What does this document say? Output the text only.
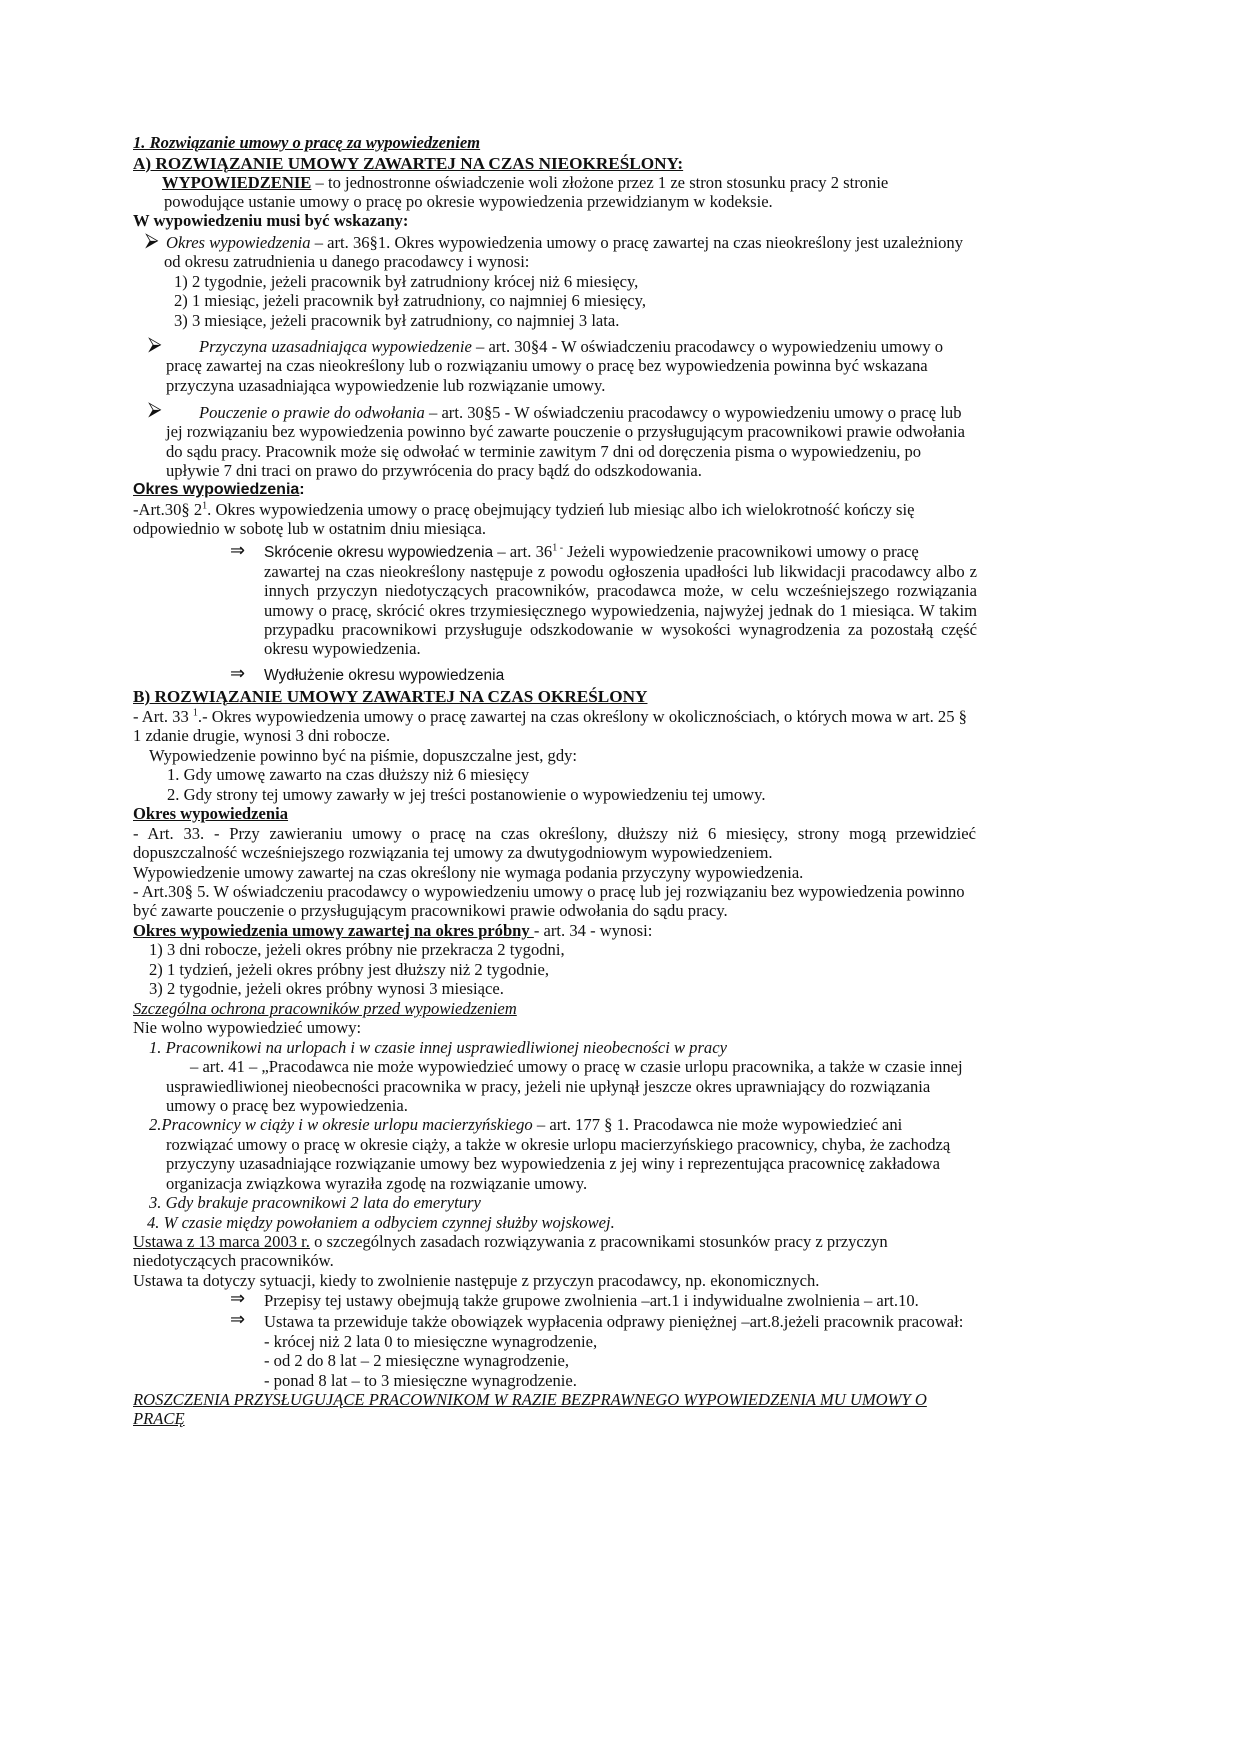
1. Rozwiązanie umowy o pracę za wypowiedzeniem
A) ROZWIĄZANIE UMOWY ZAWARTEJ NA CZAS NIEOKREŚLONY:
WYPOWIEDZENIE – to jednostronne oświadczenie woli złożone przez 1 ze stron stosunku pracy 2 stronie
powodujące ustanie umowy o pracę po okresie wypowiedzenia przewidzianym w kodeksie.
W wypowiedzeniu musi być wskazany:
⮚ Okres wypowiedzenia – art. 36§1. Okres wypowiedzenia umowy o pracę zawartej na czas nieokreślony jest uzależniony
od okresu zatrudnienia u danego pracodawcy i wynosi:
1) 2 tygodnie, jeżeli pracownik był zatrudniony krócej niż 6 miesięcy,
2) 1 miesiąc, jeżeli pracownik był zatrudniony, co najmniej 6 miesięcy,
3) 3 miesiące, jeżeli pracownik był zatrudniony, co najmniej 3 lata.
⮚ Przyczyna uzasadniająca wypowiedzenie – art. 30§4 - W oświadczeniu pracodawcy o wypowiedzeniu umowy o
pracę zawartej na czas nieokreślony lub o rozwiązaniu umowy o pracę bez wypowiedzenia powinna być wskazana
przyczyna uzasadniająca wypowiedzenie lub rozwiązanie umowy.
⮚ Pouczenie o prawie do odwołania – art. 30§5 - W oświadczeniu pracodawcy o wypowiedzeniu umowy o pracę lub
jej rozwiązaniu bez wypowiedzenia powinno być zawarte pouczenie o przysługującym pracownikowi prawie odwołania
do sądu pracy. Pracownik może się odwołać w terminie zawitym 7 dni od doręczenia pisma o wypowiedzeniu, po
upływie 7 dni traci on prawo do przywrócenia do pracy bądź do odszkodowania.
Okres wypowiedzenia:
-Art.30§ $2^1$. Okres wypowiedzenia umowy o pracę obejmujący tydzień lub miesiąc albo ich wielokrotność kończy się
odpowiednio w sobotę lub w ostatnim dniu miesiąca.
⇒ Skrócenie okresu wypowiedzenia – art. $36^{1 -}$ Jeżeli wypowiedzenie pracownikowi umowy o pracę
zawartej na czas nieokreślony następuje z powodu ogłoszenia upadłości lub likwidacji pracodawcy albo z
innych przyczyn niedotyczących pracowników, pracodawca może, w celu wcześniejszego rozwiązania
umowy o pracę, skrócić okres trzymiesięcznego wypowiedzenia, najwyżej jednak do 1 miesiąca. W takim
przypadku pracownikowi przysługuje odszkodowanie w wysokości wynagrodzenia za pozostałą część
okresu wypowiedzenia.
⇒ Wydłużenie okresu wypowiedzenia
B) ROZWIĄZANIE UMOWY ZAWARTEJ NA CZAS OKREŚLONY
- Art. 33 $^1$.- Okres wypowiedzenia umowy o pracę zawartej na czas określony w okolicznościach, o których mowa w art. 25 §
1 zdanie drugie, wynosi 3 dni robocze.
Wypowiedzenie powinno być na piśmie, dopuszczalne jest, gdy:
1. Gdy umowę zawarto na czas dłuższy niż 6 miesięcy
2. Gdy strony tej umowy zawarły w jej treści postanowienie o wypowiedzeniu tej umowy.
Okres wypowiedzenia
- Art. 33. - Przy zawieraniu umowy o pracę na czas określony, dłuższy niż 6 miesięcy, strony mogą przewidzieć
dopuszczalność wcześniejszego rozwiązania tej umowy za dwutygodniowym wypowiedzeniem.
Wypowiedzenie umowy zawartej na czas określony nie wymaga podania przyczyny wypowiedzenia.
- Art.30§ 5. W oświadczeniu pracodawcy o wypowiedzeniu umowy o pracę lub jej rozwiązaniu bez wypowiedzenia powinno
być zawarte pouczenie o przysługującym pracownikowi prawie odwołania do sądu pracy.
Okres wypowiedzenia umowy zawartej na okres próbny - art. 34 - wynosi:
1) 3 dni robocze, jeżeli okres próbny nie przekracza 2 tygodni,
2) 1 tydzień, jeżeli okres próbny jest dłuższy niż 2 tygodnie,
3) 2 tygodnie, jeżeli okres próbny wynosi 3 miesiące.
Szczególna ochrona pracowników przed wypowiedzeniem
Nie wolno wypowiedzieć umowy:
1. Pracownikowi na urlopach i w czasie innej usprawiedliwionej nieobecności w pracy
– art. 41 – „Pracodawca nie może wypowiedzieć umowy o pracę w czasie urlopu pracownika, a także w czasie innej
usprawiedliwionej nieobecności pracownika w pracy, jeżeli nie upłynął jeszcze okres uprawniający do rozwiązania
umowy o pracę bez wypowiedzenia.
2.Pracownicy w ciąży i w okresie urlopu macierzyńskiego – art. 177 § 1. Pracodawca nie może wypowiedzieć ani
rozwiązać umowy o pracę w okresie ciąży, a także w okresie urlopu macierzyńskiego pracownicy, chyba, że zachodzą
przyczyny uzasadniające rozwiązanie umowy bez wypowiedzenia z jej winy i reprezentująca pracownicę zakładowa
organizacja związkowa wyraziła zgodę na rozwiązanie umowy.
3. Gdy brakuje pracownikowi 2 lata do emerytury
4. W czasie między powołaniem a odbyciem czynnej służby wojskowej.
Ustawa z 13 marca 2003 r. o szczególnych zasadach rozwiązywania z pracownikami stosunków pracy z przyczyn
niedotyczących pracowników.
Ustawa ta dotyczy sytuacji, kiedy to zwolnienie następuje z przyczyn pracodawcy, np. ekonomicznych.
⇒ Przepisy tej ustawy obejmują także grupowe zwolnienia –art.1 i indywidualne zwolnienia – art.10.
⇒ Ustawa ta przewiduje także obowiązek wypłacenia odprawy pieniężnej –art.8.jeżeli pracownik pracował:
- krócej niż 2 lata 0 to miesięczne wynagrodzenie,
- od 2 do 8 lat – 2 miesięczne wynagrodzenie,
- ponad 8 lat – to 3 miesięczne wynagrodzenie.
ROSZCZENIA PRZYSŁUGUJĄCE PRACOWNIKOM W RAZIE BEZPRAWNEGO WYPOWIEDZENIA MU UMOWY O
PRACĘ
